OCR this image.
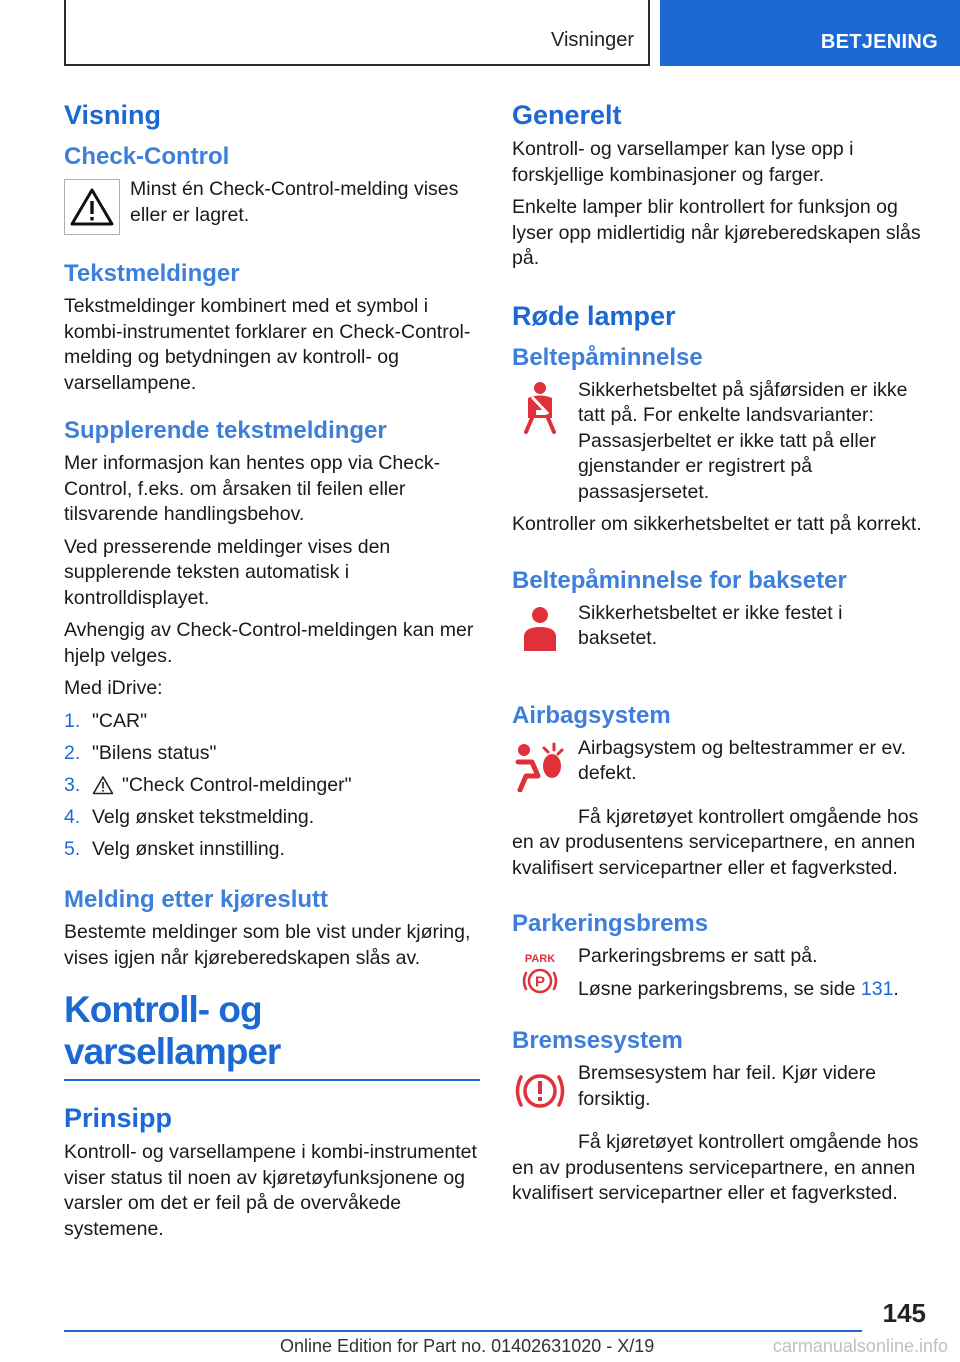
Visninger	BETJENING
Visning
Check-Control

Minst én Check-Control-melding vises eller er lagret.

Tekstmeldinger

Tekstmeldinger kombinert med et symbol i kombi-instrumentet forklarer en Check-Control-melding og betydningen av kontroll- og varsellampene.

Supplerende tekstmeldinger

Mer informasjon kan hentes opp via Check-Control, f.eks. om årsaken til feilen eller tilsvarende handlingsbehov.

Ved presserende meldinger vises den supplerende teksten automatisk i kontrolldisplayet.

Avhengig av Check-Control-meldingen kan mer hjelp velges.

Med iDrive:

1. "CAR"
2. "Bilens status"
3.	"Check Control-meldinger"
4. Velg ønsket tekstmelding.
5. Velg ønsket innstilling.
Melding etter kjøreslutt

Bestemte meldinger som ble vist under kjøring, vises igjen når kjøreberedskapen slås av.

Kontroll- og varsellamper
Prinsipp

Kontroll- og varsellampene i kombi-instrumentet viser status til noen av kjøretøyfunksjonene og varsler om det er feil på de overvåkede systemene.

Generelt

Kontroll- og varsellamper kan lyse opp i forskjellige kombinasjoner og farger.

Enkelte lamper blir kontrollert for funksjon og lyser opp midlertidig når kjøreberedskapen slås på.

Røde lamper
Beltepåminnelse

Sikkerhetsbeltet på sjåførsiden er ikke tatt på. For enkelte landsvarianter: Passasjerbeltet er ikke tatt på eller gjenstander er registrert på passasjersetet.

Kontroller om sikkerhetsbeltet er tatt på korrekt.

Beltepåminnelse for bakseter

Sikkerhetsbeltet er ikke festet i baksetet.

Airbagsystem

Airbagsystem og beltestrammer er ev. defekt.

Få kjøretøyet kontrollert omgående hos en av produsentens servicepartnere, en annen kvalifisert servicepartner eller et fagverksted.

Parkeringsbrems
PARK
P

Parkeringsbrems er satt på.

Løsne parkeringsbrems, se side 131.

Bremsesystem

Bremsesystem har feil. Kjør videre forsiktig.

Få kjøretøyet kontrollert omgående hos en av produsentens servicepartnere, en annen kvalifisert servicepartner eller et fagverksted.

145
Online Edition for Part no. 01402631020 - X/19	carmanualsonline.info
